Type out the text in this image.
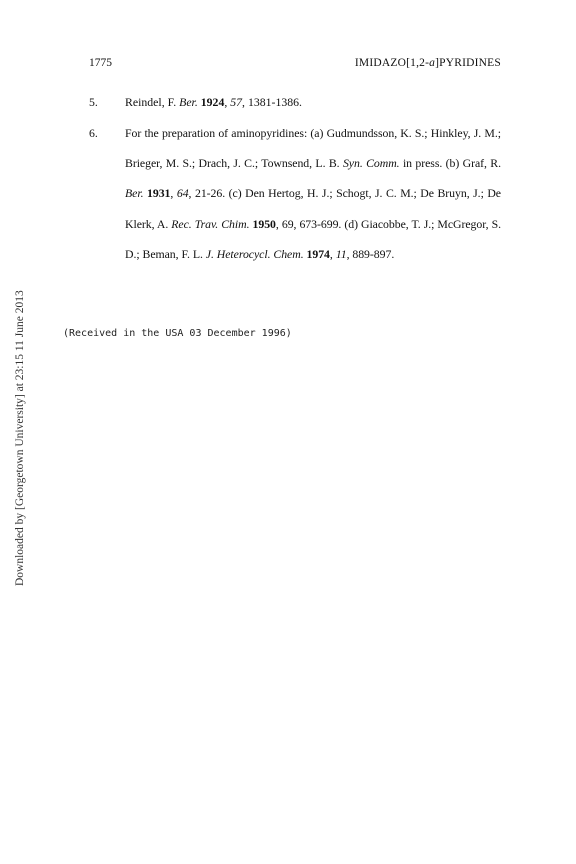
1775	IMIDAZO[1,2-a]PYRIDINES
5. Reindel, F. Ber. 1924, 57, 1381-1386.
6. For the preparation of aminopyridines: (a) Gudmundsson, K. S.; Hinkley, J. M.; Brieger, M. S.; Drach, J. C.; Townsend, L. B. Syn. Comm. in press. (b) Graf, R. Ber. 1931, 64, 21-26. (c) Den Hertog, H. J.; Schogt, J. C. M.; De Bruyn, J.; De Klerk, A. Rec. Trav. Chim. 1950, 69, 673-699. (d) Giacobbe, T. J.; McGregor, S. D.; Beman, F. L. J. Heterocycl. Chem. 1974, 11, 889-897.
(Received in the USA 03 December 1996)
Downloaded by [Georgetown University] at 23:15 11 June 2013
